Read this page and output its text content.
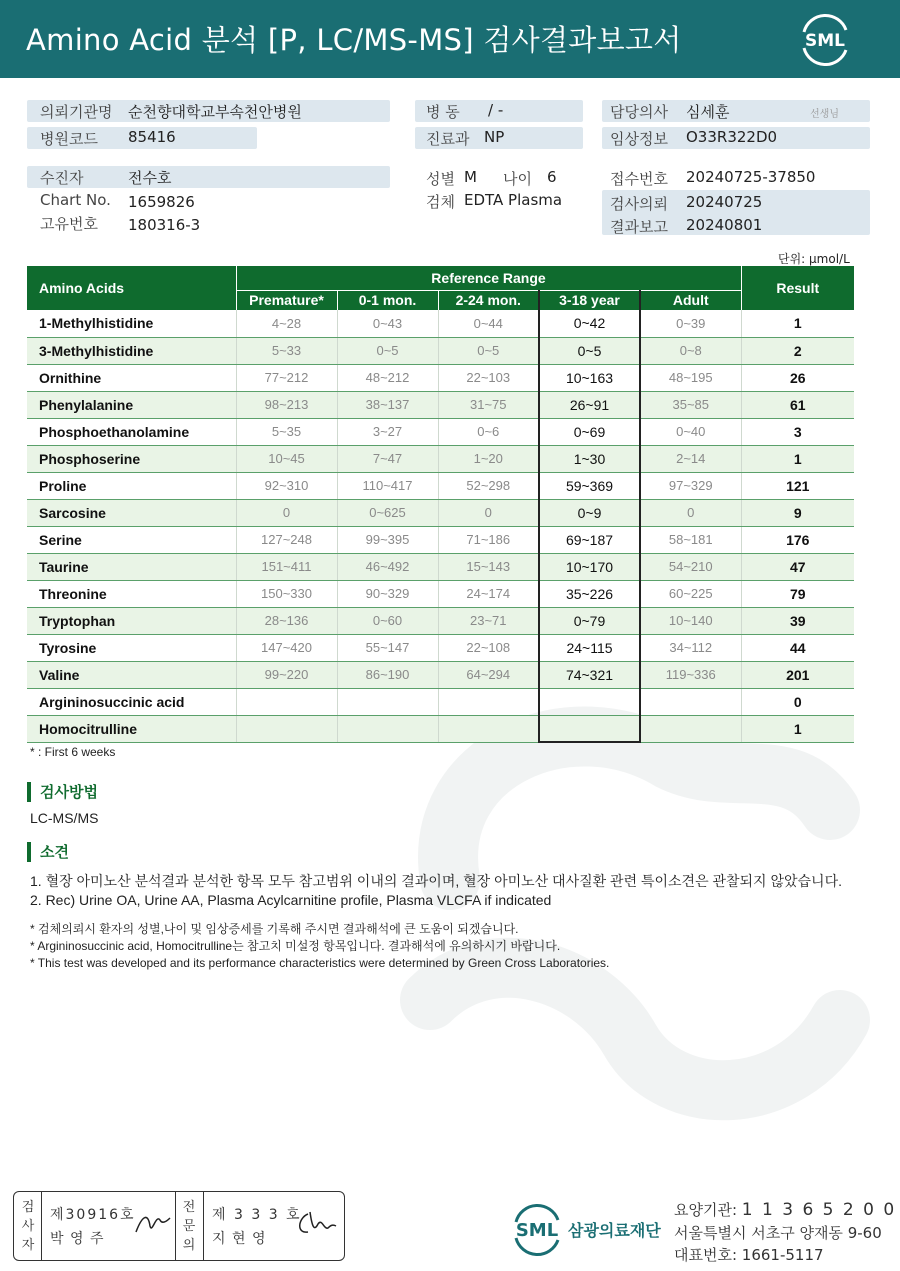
Amino Acid 분석 [P, LC/MS-MS] 검사결과보고서	SML
의뢰기관명 순천향대학교부속천안병원
병원코드 85416
병 동 / -
진료과 NP
담당의사 심세훈	선생님
임상정보 O33R322D0
수진자	전수호
Chart No. 1659826
고유번호 180316-3
성별 M 나이 6
검체 EDTA Plasma
접수번호 20240725-37850
검사의뢰 20240725
결과보고 20240801
단위: μmol/L
Amino Acids	Reference Range					Result
	Premature*	0-1 mon.	2-24 mon.	3-18 year	Adult	
1-Methylhistidine	4~28	0~43	0~44	0~42	0~39	1
3-Methylhistidine	5~33	0~5	0~5	0~5	0~8	2
Ornithine	77~212	48~212	22~103	10~163	48~195	26
Phenylalanine	98~213	38~137	31~75	26~91	35~85	61
Phosphoethanolamine	5~35	3~27	0~6	0~69	0~40	3
Phosphoserine	10~45	7~47	1~20	1~30	2~14	1
Proline	92~310	110~417	52~298	59~369	97~329	121
Sarcosine	0	0~625	0	0~9	0	9
Serine	127~248	99~395	71~186	69~187	58~181	176
Taurine	151~411	46~492	15~143	10~170	54~210	47
Threonine	150~330	90~329	24~174	35~226	60~225	79
Tryptophan	28~136	0~60	23~71	0~79	10~140	39
Tyrosine	147~420	55~147	22~108	24~115	34~112	44
Valine	99~220	86~190	64~294	74~321	119~336	201
Argininosuccinic acid						0
Homocitrulline						1
* : First 6 weeks
검사방법
LC-MS/MS
소견
1. 혈장 아미노산 분석결과 분석한 항목 모두 참고범위 이내의 결과이며, 혈장 아미노산 대사질환 관련 특이소견은 관찰되지 않았습니다.
2. Rec) Urine OA, Urine AA, Plasma Acylcarnitine profile, Plasma VLCFA if indicated
* 검체의뢰시 환자의 성별,나이 및 임상증세를 기록해 주시면 결과해석에 큰 도움이 되겠습니다.
* Argininosuccinic acid, Homocitrulline는 참고치 미설정 항목입니다. 결과해석에 유의하시기 바랍니다.
* This test was developed and its performance characteristics were determined by Green Cross Laboratories.
검
사
자
제30916호
박 영 주
전
문
의
제 3 3 3 호
지 현 영	SML 삼광의료재단
요양기관: 1 1 3 6 5 2 0 0
서울특별시 서초구 양재동 9-60
대표번호: 1661-5117
